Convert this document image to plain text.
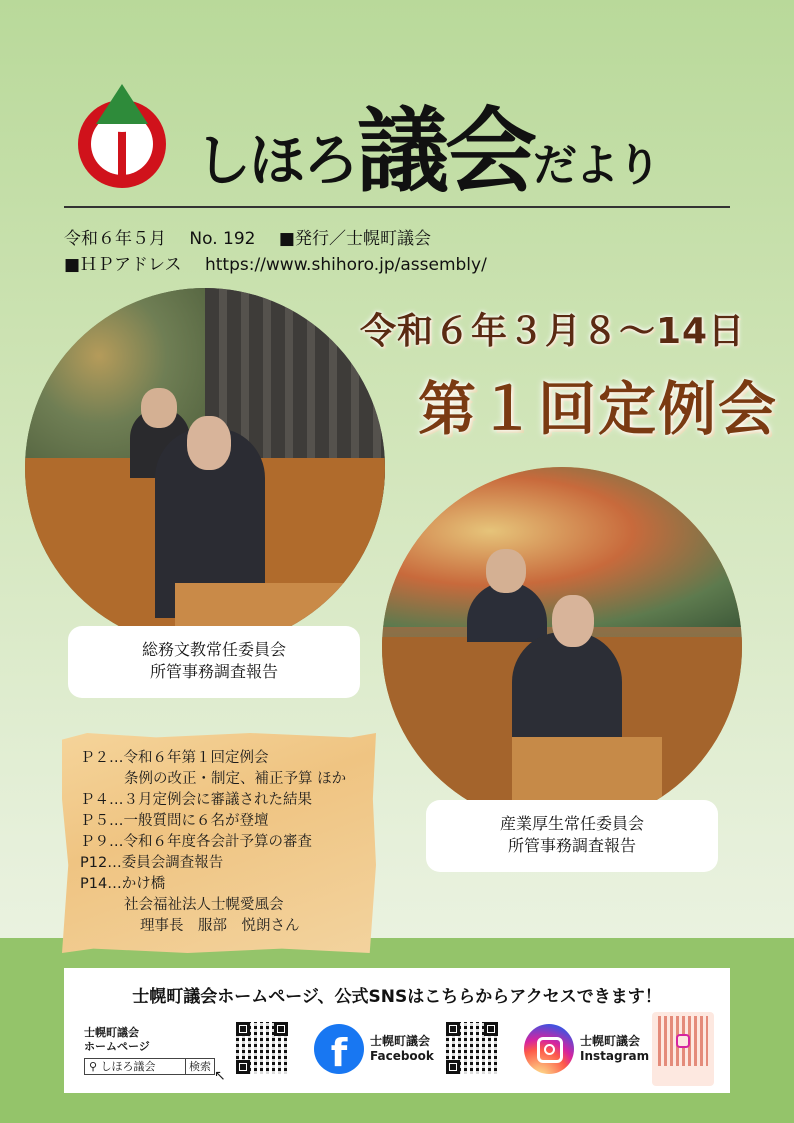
しほろ 議会 だより
令和６年５月 No. 192 ■発行／士幌町議会
■ＨＰアドレス https://www.shihoro.jp/assembly/
令和６年３月８～14日
第１回定例会
総務文教常任委員会
所管事務調査報告
産業厚生常任委員会
所管事務調査報告
Ｐ２…令和６年第１回定例会
条例の改正・制定、補正予算 ほか
Ｐ４…３月定例会に審議された結果
Ｐ５…一般質問に６名が登壇
Ｐ９…令和６年度各会計予算の審査
P12…委員会調査報告
P14…かけ橋
社会福祉法人士幌愛風会
理事長　服部　悦朗さん
士幌町議会ホームページ、公式SNSはこちらからアクセスできます！
士幌町議会
ホームページ
⚲ しほろ議会	検索
↖
f	士幌町議会
Facebook
士幌町議会
Instagram
